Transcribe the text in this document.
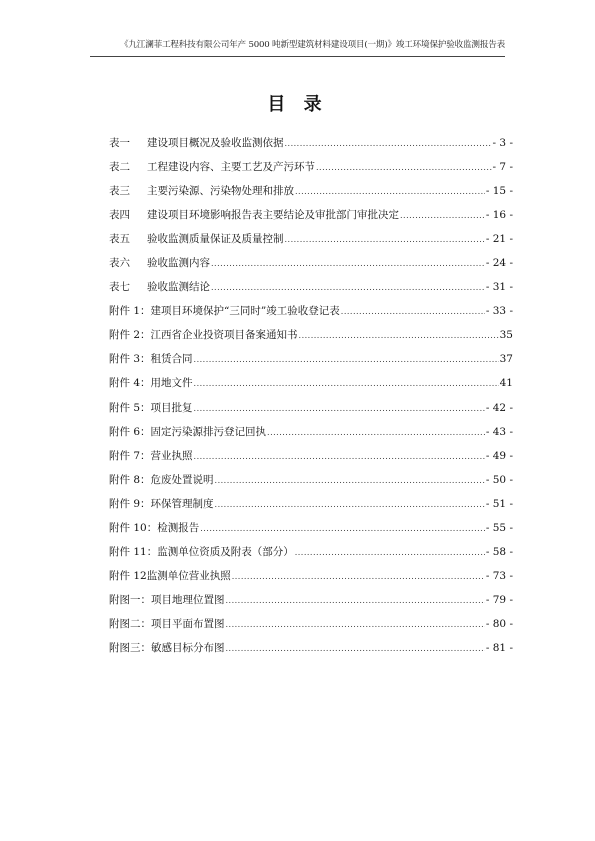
《九江澜菲工程科技有限公司年产 5000 吨新型建筑材料建设项目(一期)》竣工环境保护验收监测报告表
目 录
表一 建设项目概况及验收监测依据 .....	- 3 -
表二 工程建设内容、主要工艺及产污环节 .....	- 7 -
表三 主要污染源、污染物处理和排放 .....	- 15 -
表四 建设项目环境影响报告表主要结论及审批部门审批决定 .....	- 16 -
表五 验收监测质量保证及质量控制 .....	- 21 -
表六 验收监测内容 .....	- 24 -
表七 验收监测结论 .....	- 31 -
附件 1：建项目环境保护“三同时”竣工验收登记表 .....	- 33 -
附件 2：江西省企业投资项目备案通知书 .....	35
附件 3：租赁合同 .....	37
附件 4：用地文件 .....	41
附件 5：项目批复 .....	- 42 -
附件 6：固定污染源排污登记回执 .....	- 43 -
附件 7：营业执照 .....	- 49 -
附件 8：危废处置说明 .....	- 50 -
附件 9：环保管理制度 .....	- 51 -
附件 10：检测报告 .....	- 55 -
附件 11：监测单位资质及附表（部分） .....	- 58 -
附件 12监测单位营业执照 .....	- 73 -
附图一：项目地理位置图 .....	- 79 -
附图二：项目平面布置图 .....	- 80 -
附图三：敏感目标分布图 .....	- 81 -
